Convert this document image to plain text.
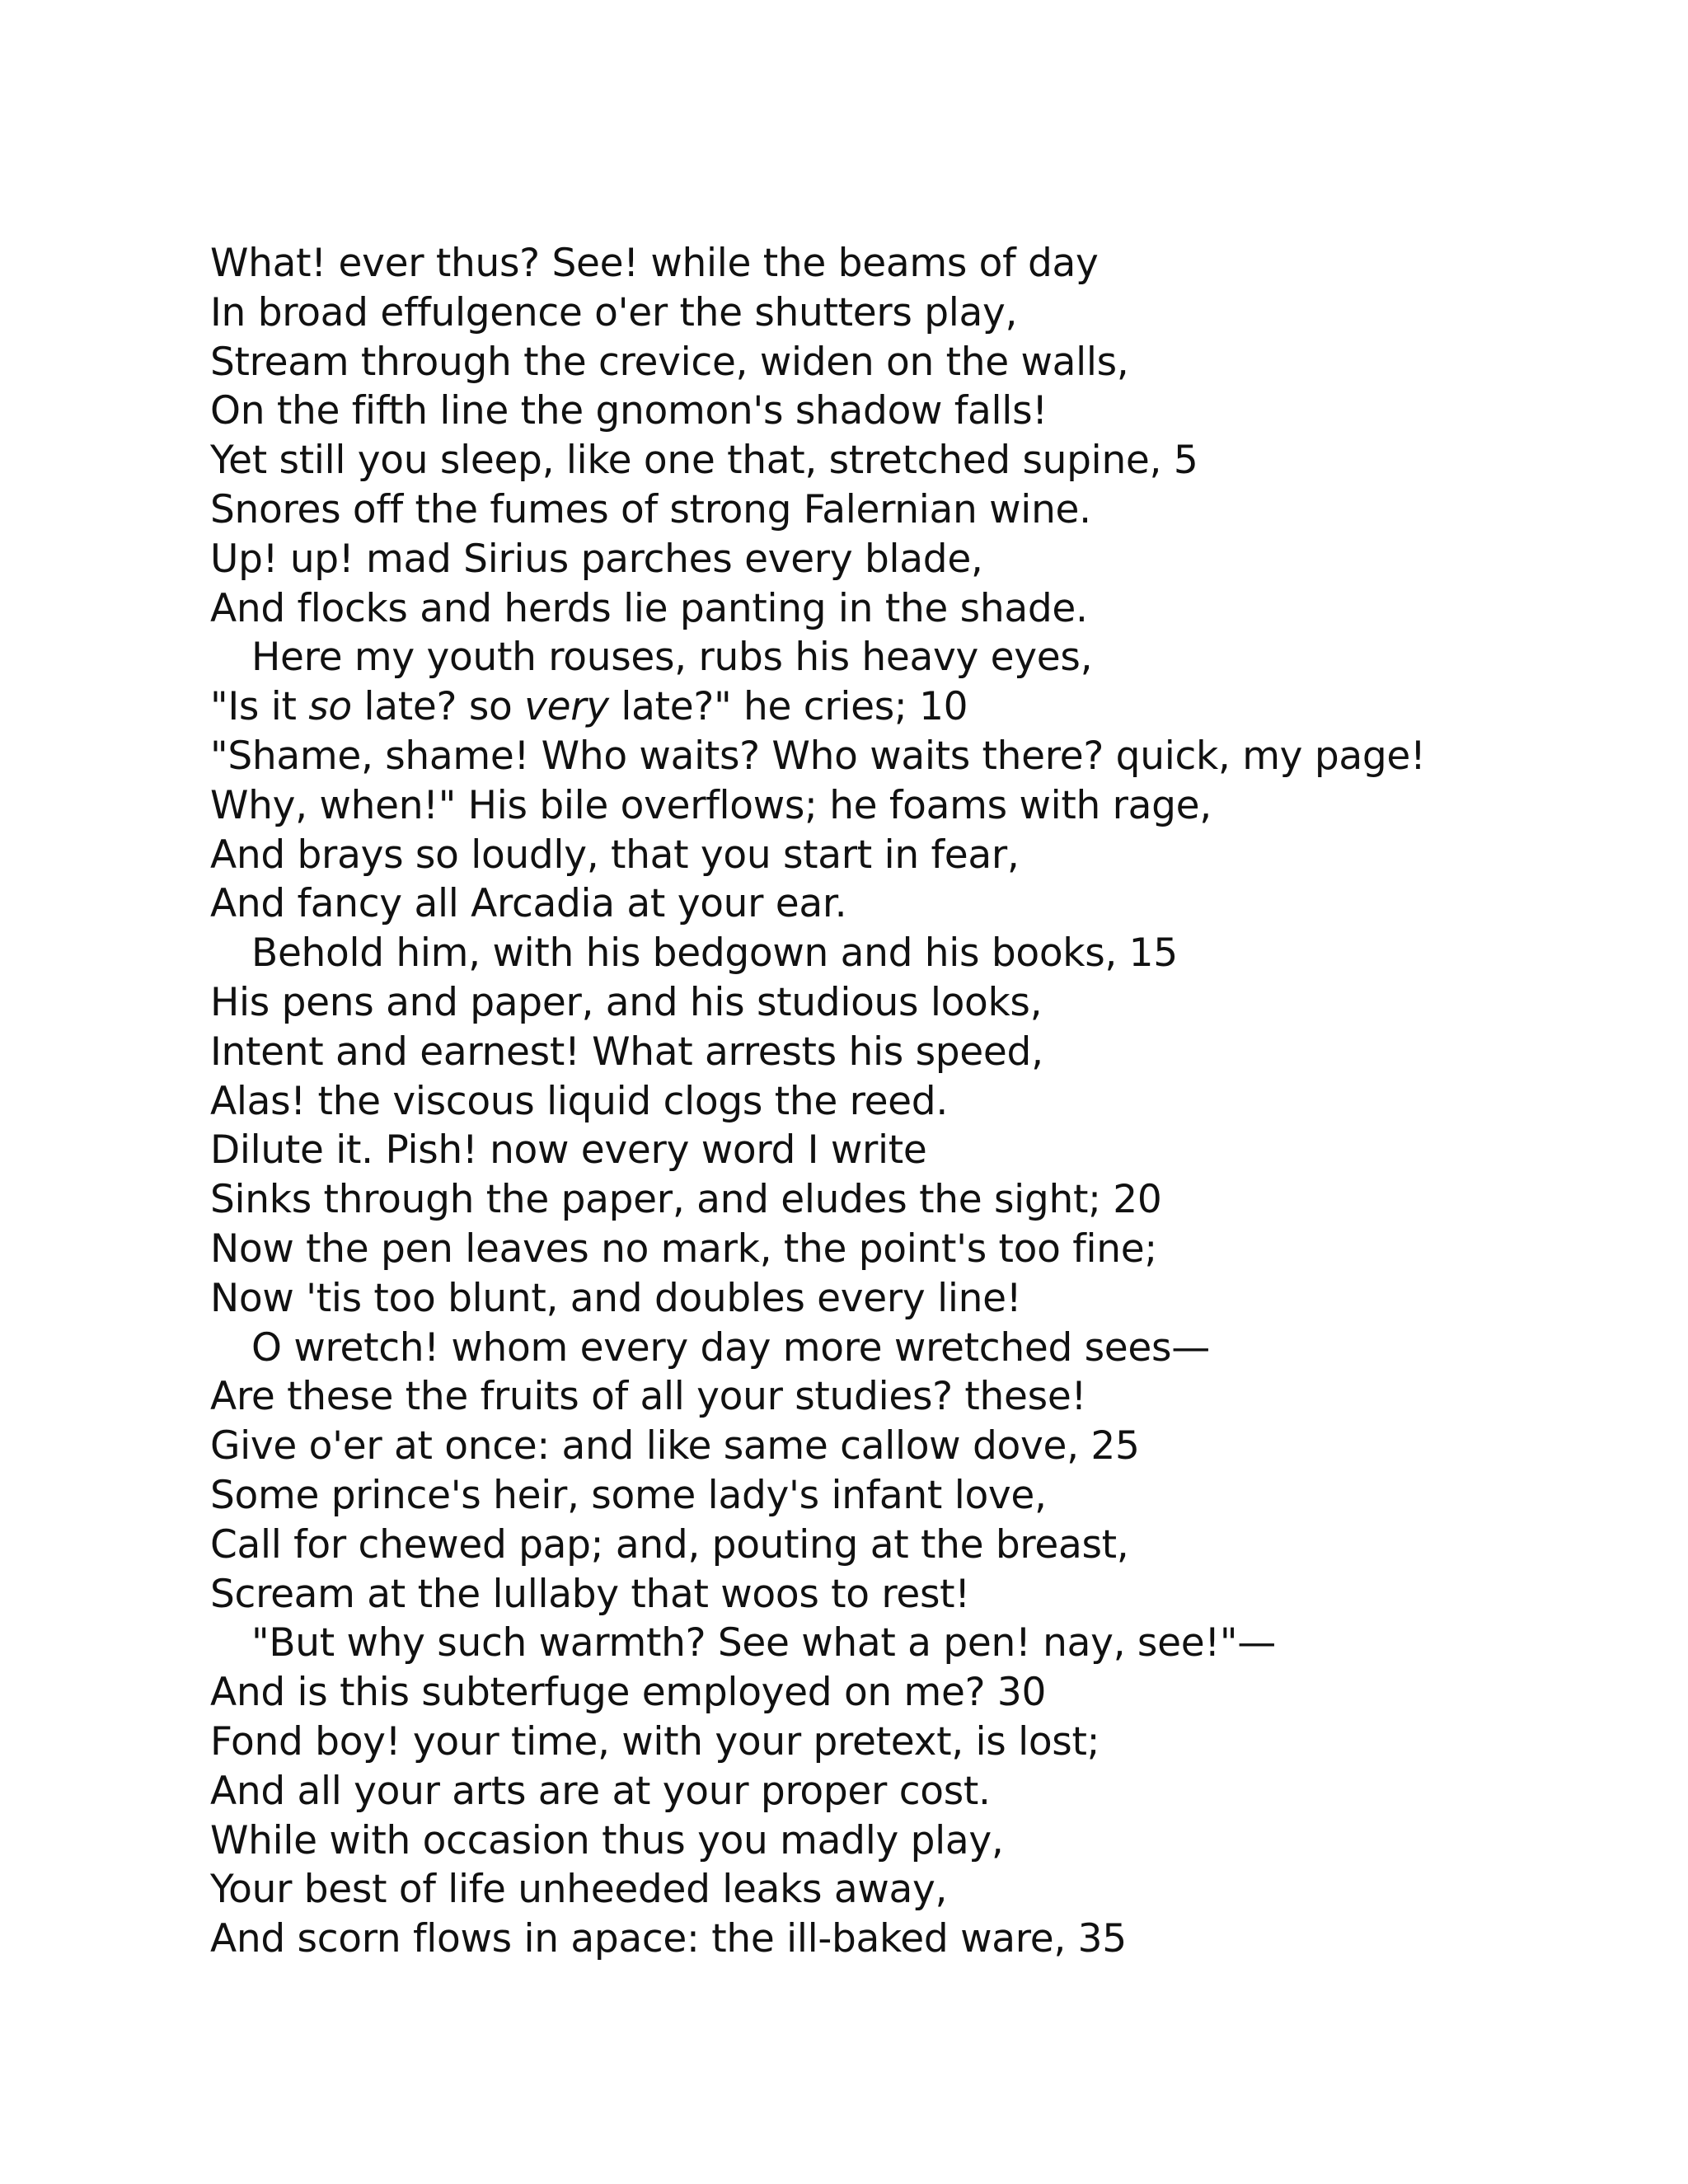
What! ever thus? See! while the beams of day
In broad effulgence o'er the shutters play,
Stream through the crevice, widen on the walls,
On the fifth line the gnomon's shadow falls!
Yet still you sleep, like one that, stretched supine, 5
Snores off the fumes of strong Falernian wine.
Up! up! mad Sirius parches every blade,
And flocks and herds lie panting in the shade.
Here my youth rouses, rubs his heavy eyes,
"Is it so late? so very late?" he cries; 10
"Shame, shame! Who waits? Who waits there? quick, my page!
Why, when!" His bile overflows; he foams with rage,
And brays so loudly, that you start in fear,
And fancy all Arcadia at your ear.
Behold him, with his bedgown and his books, 15
His pens and paper, and his studious looks,
Intent and earnest! What arrests his speed,
Alas! the viscous liquid clogs the reed.
Dilute it. Pish! now every word I write
Sinks through the paper, and eludes the sight; 20
Now the pen leaves no mark, the point's too fine;
Now 'tis too blunt, and doubles every line!
O wretch! whom every day more wretched sees—
Are these the fruits of all your studies? these!
Give o'er at once: and like same callow dove, 25
Some prince's heir, some lady's infant love,
Call for chewed pap; and, pouting at the breast,
Scream at the lullaby that woos to rest!
"But why such warmth? See what a pen! nay, see!"—
And is this subterfuge employed on me? 30
Fond boy! your time, with your pretext, is lost;
And all your arts are at your proper cost.
While with occasion thus you madly play,
Your best of life unheeded leaks away,
And scorn flows in apace: the ill-baked ware, 35
